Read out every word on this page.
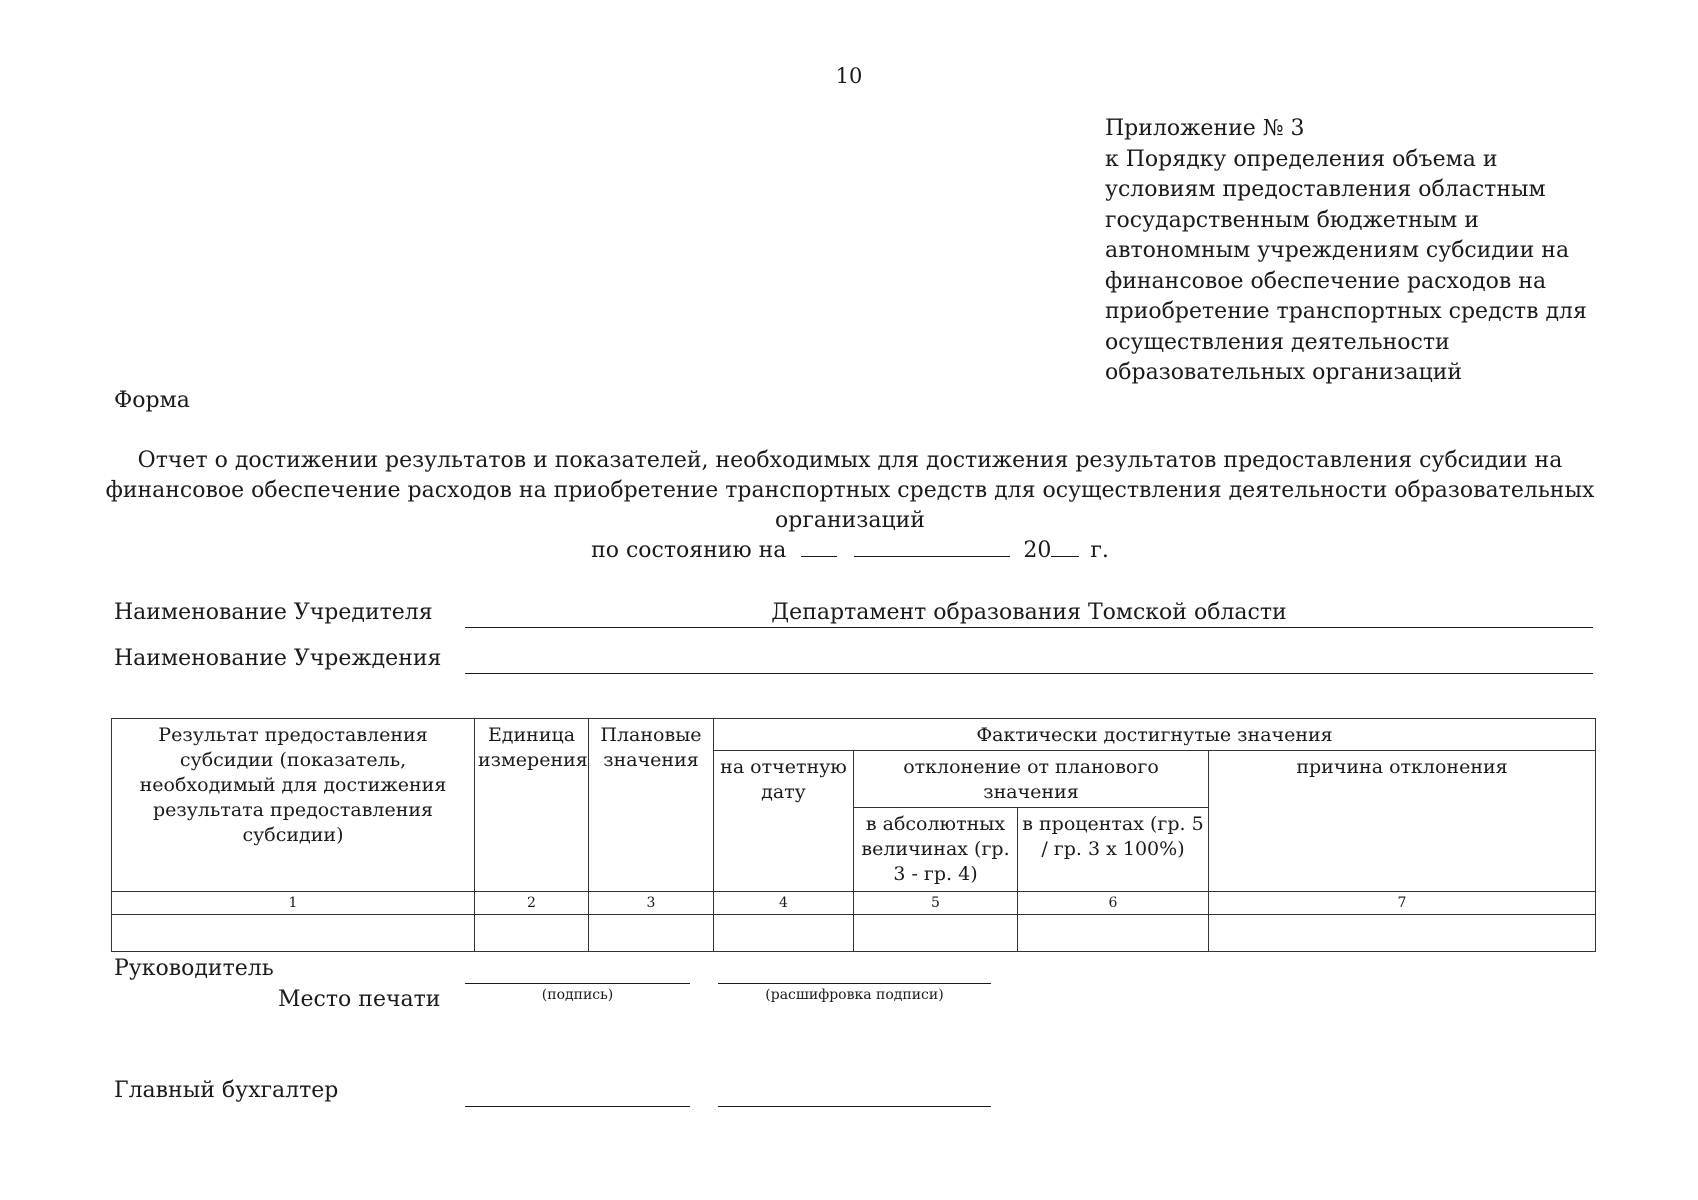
10
Приложение № 3
к Порядку определения объема и
условиям предоставления областным
государственным бюджетным и
автономным учреждениям субсидии на
финансовое обеспечение расходов на
приобретение транспортных средств для
осуществления деятельности
образовательных организаций
Форма
Отчет о достижении результатов и показателей, необходимых для достижения результатов предоставления субсидии на
финансовое обеспечение расходов на приобретение транспортных средств для осуществления деятельности образовательных
организаций
по состоянию на	20 г.
Наименование Учредителя	Департамент образования Томской области
Наименование Учреждения
Результат предоставления субсидии (показатель, необходимый для достижения результата предоставления субсидии)	Единица измерения	Плановые значения	Фактически достигнутые значения			
			на отчетную дату	отклонение от планового значения		причина отклонения
				в абсолютных величинах (гр. 3 - гр. 4)	в процентах (гр. 5 / гр. 3 х 100%)	
1	2	3	4	5	6	7

Руководитель
Место печати	(подпись)	(расшифровка подписи)
Главный бухгалтер
